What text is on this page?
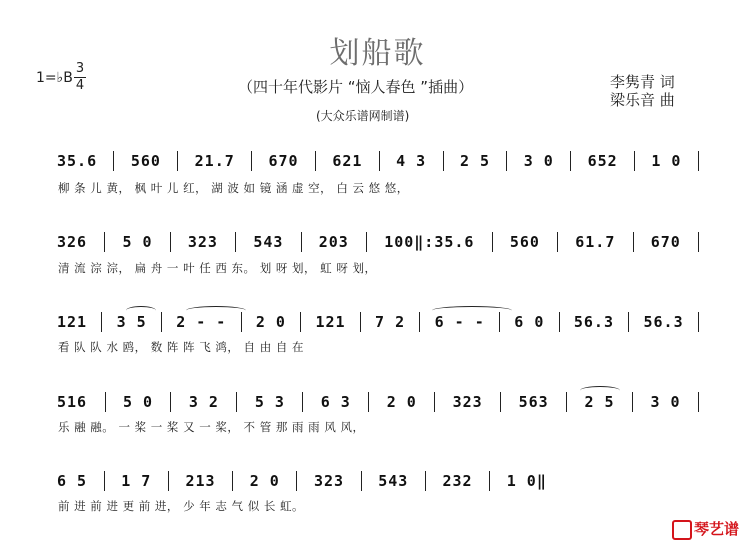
划船歌
（四十年代影片 “恼人春色 ”插曲）	李隽青 词
梁乐音 曲
(大众乐谱网制谱)
1=♭B
3
4
35.6 560 21.7 670 621 4 3 2 5 3 0 652 1 0
柳 条 儿 黄， 枫 叶 儿 红， 湖 波 如 镜 涵 虚 空， 白 云 悠 悠，
326 5 0 323 543 203 100‖:35.6 560 61.7 670
清 流 淙 淙， 扁 舟 一 叶 任 西 东。 划 呀 划， 虹 呀 划，
121 3 5 2 - - 2 0 121 7 2 6 - - 6 0 56.3 56.3
看 队 队 水 鸥， 数 阵 阵 飞 鸿， 自 由 自 在
516 5 0 3 2 5 3 6 3 2 0 323 563 2 5 3 0
乐 融 融。 一 桨 一 桨 又 一 桨， 不 管 那 雨 雨 风 风，
6 5 1 7 213 2 0 323 543 232 1 0‖
前 进 前 进 更 前 进， 少 年 志 气 似 长 虹。
琴艺谱
